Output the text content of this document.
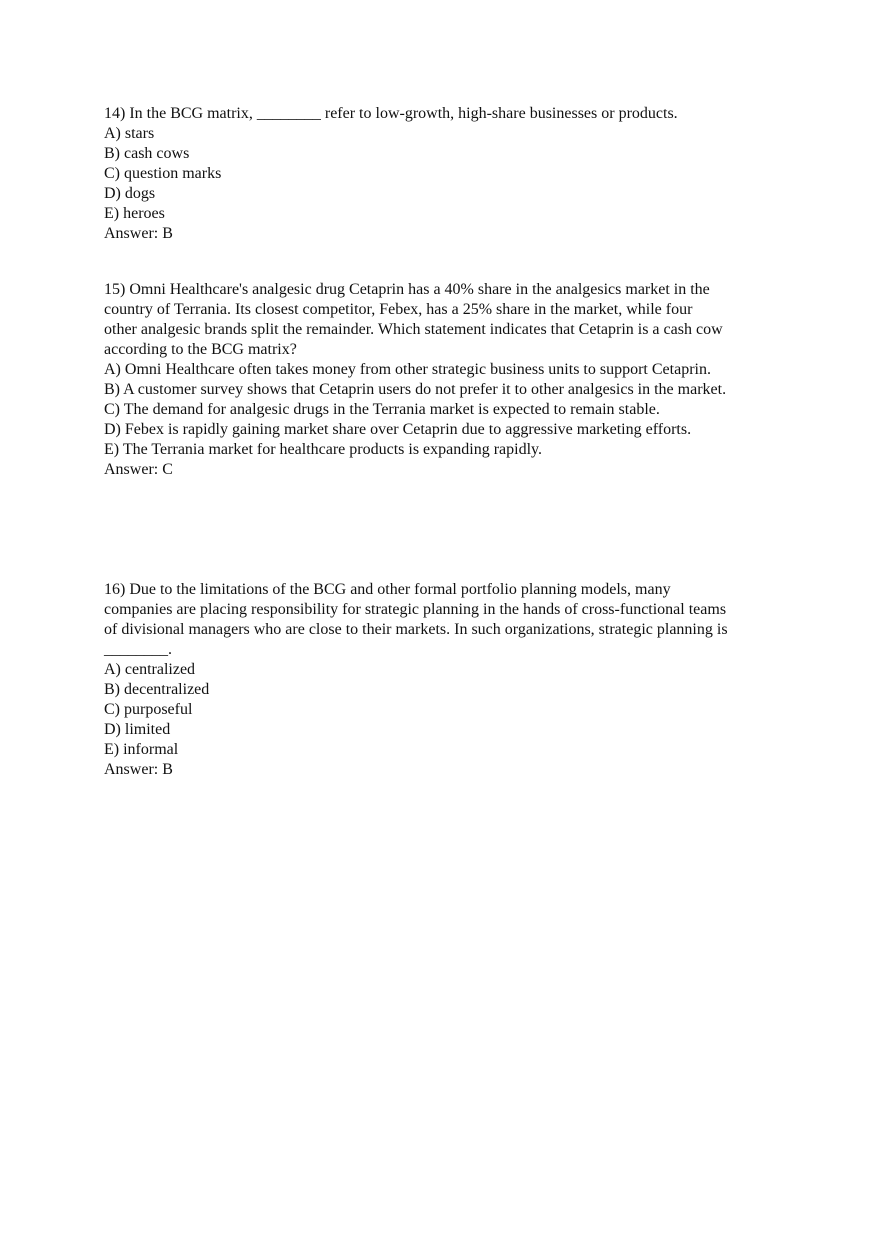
14) In the BCG matrix, ________ refer to low-growth, high-share businesses or products.
A) stars
B) cash cows
C) question marks
D) dogs
E) heroes
Answer: B
15) Omni Healthcare's analgesic drug Cetaprin has a 40% share in the analgesics market in the
country of Terrania. Its closest competitor, Febex, has a 25% share in the market, while four
other analgesic brands split the remainder. Which statement indicates that Cetaprin is a cash cow
according to the BCG matrix?
A) Omni Healthcare often takes money from other strategic business units to support Cetaprin.
B) A customer survey shows that Cetaprin users do not prefer it to other analgesics in the market.
C) The demand for analgesic drugs in the Terrania market is expected to remain stable.
D) Febex is rapidly gaining market share over Cetaprin due to aggressive marketing efforts.
E) The Terrania market for healthcare products is expanding rapidly.
Answer: C
16) Due to the limitations of the BCG and other formal portfolio planning models, many
companies are placing responsibility for strategic planning in the hands of cross-functional teams
of divisional managers who are close to their markets. In such organizations, strategic planning is
________.
A) centralized
B) decentralized
C) purposeful
D) limited
E) informal
Answer: B
